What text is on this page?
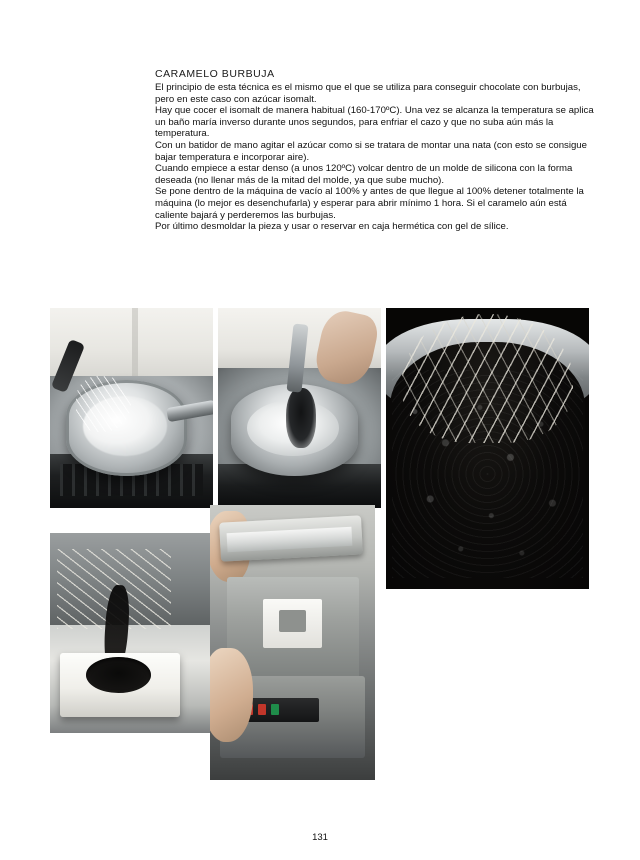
CARAMELO BURBUJA

El principio de esta técnica es el mismo que el que se utiliza para conseguir chocolate con burbujas, pero en este caso con azúcar isomalt.

Hay que cocer el isomalt de manera habitual (160-170ºC). Una vez se alcanza la temperatura se aplica un baño maría inverso durante unos segundos, para enfriar el cazo y que no suba aún más la temperatura.

Con un batidor de mano agitar el azúcar como si se tratara de montar una nata (con esto se consigue bajar temperatura e incorporar aire).

Cuando empiece a estar denso (a unos 120ºC) volcar dentro de un molde de silicona con la forma deseada (no llenar más de la mitad del molde, ya que sube mucho).

Se pone dentro de la máquina de vacío al 100% y antes de que llegue al 100% detener totalmente la máquina (lo mejor es desenchufarla) y esperar para abrir mínimo 1 hora. Si el caramelo aún está caliente bajará y perderemos las burbujas.

Por último desmoldar la pieza y usar o reservar en caja hermética con gel de sílice.

131
